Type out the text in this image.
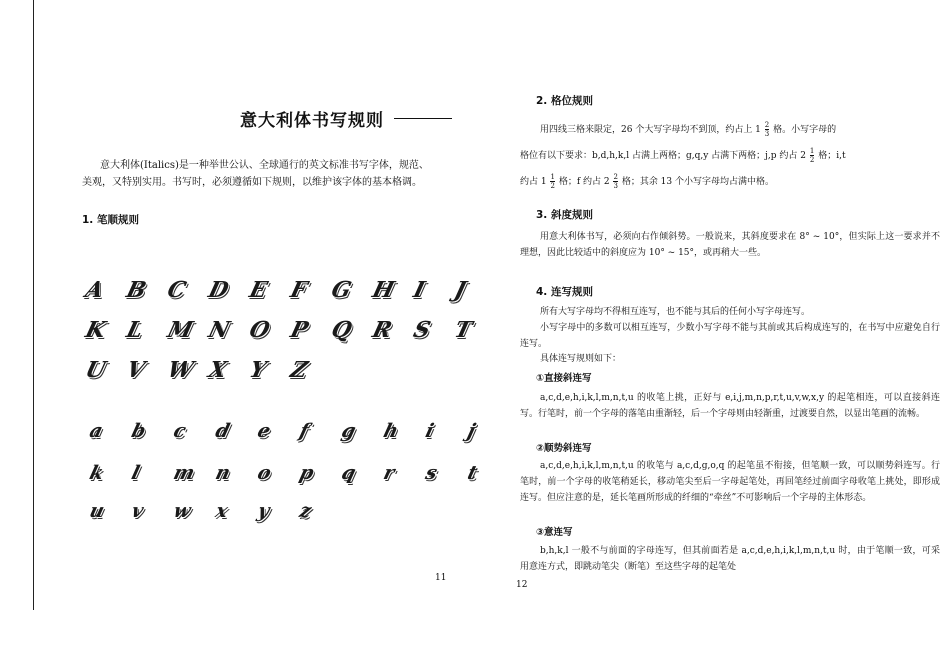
意大利体书写规则
意大利体(Italics)是一种举世公认、全球通行的英文标准书写字体，规范、
美观，又特别实用。书写时，必须遵循如下规则，以维护该字体的基本格调。
1. 笔顺规则
A B C D E F G H I	J
K L M N O P Q R S T
U V W X Y Z
a	b	c	d	e	f	g	h	i	j
k	l	m n	o	p	q	r	s	t
u	v	w	x	y	z
11
2. 格位规则
用四线三格来限定，26 个大写字母均不到顶，约占上 $1 \frac{2}{3}$ 格。小写字母的
格位有以下要求：b,d,h,k,l 占满上两格；g,q,y 占满下两格；j,p 约占 $2 \frac{1}{2}$ 格；i,t
约占 $1 \frac{1}{2}$ 格；f 约占 $2 \frac{2}{3}$ 格；其余 13 个小写字母均占满中格。
3. 斜度规则
用意大利体书写，必须向右作倾斜势。一般说来，其斜度要求在 8° ~ 10°，但实际上这一要求并不理想，因此比较适中的斜度应为 10° ~ 15°，或再稍大一些。
4. 连写规则
所有大写字母均不得相互连写，也不能与其后的任何小写字母连写。
小写字母中的多数可以相互连写，少数小写字母不能与其前或其后构成连写的，在书写中应避免自行连写。
具体连写规则如下：
①直接斜连写
a,c,d,e,h,i,k,l,m,n,t,u 的收笔上挑，正好与 e,i,j,m,n,p,r,t,u,v,w,x,y 的起笔相连，可以直接斜连写。行笔时，前一个字母的落笔由重渐轻，后一个字母则由轻渐重，过渡要自然，以显出笔画的流畅。
②顺势斜连写
a,c,d,e,h,i,k,l,m,n,t,u 的收笔与 a,c,d,g,o,q 的起笔虽不衔接，但笔顺一致，可以顺势斜连写。行笔时，前一个字母的收笔稍延长，移动笔尖至后一字母起笔处，再回笔经过前面字母收笔上挑处，即形成连写。但应注意的是，延长笔画所形成的纤细的“牵丝”不可影响后一个字母的主体形态。
③意连写
b,h,k,l 一般不与前面的字母连写，但其前面若是 a,c,d,e,h,i,k,l,m,n,t,u 时，由于笔顺一致，可采用意连方式，即跳动笔尖（断笔）至这些字母的起笔处
12
